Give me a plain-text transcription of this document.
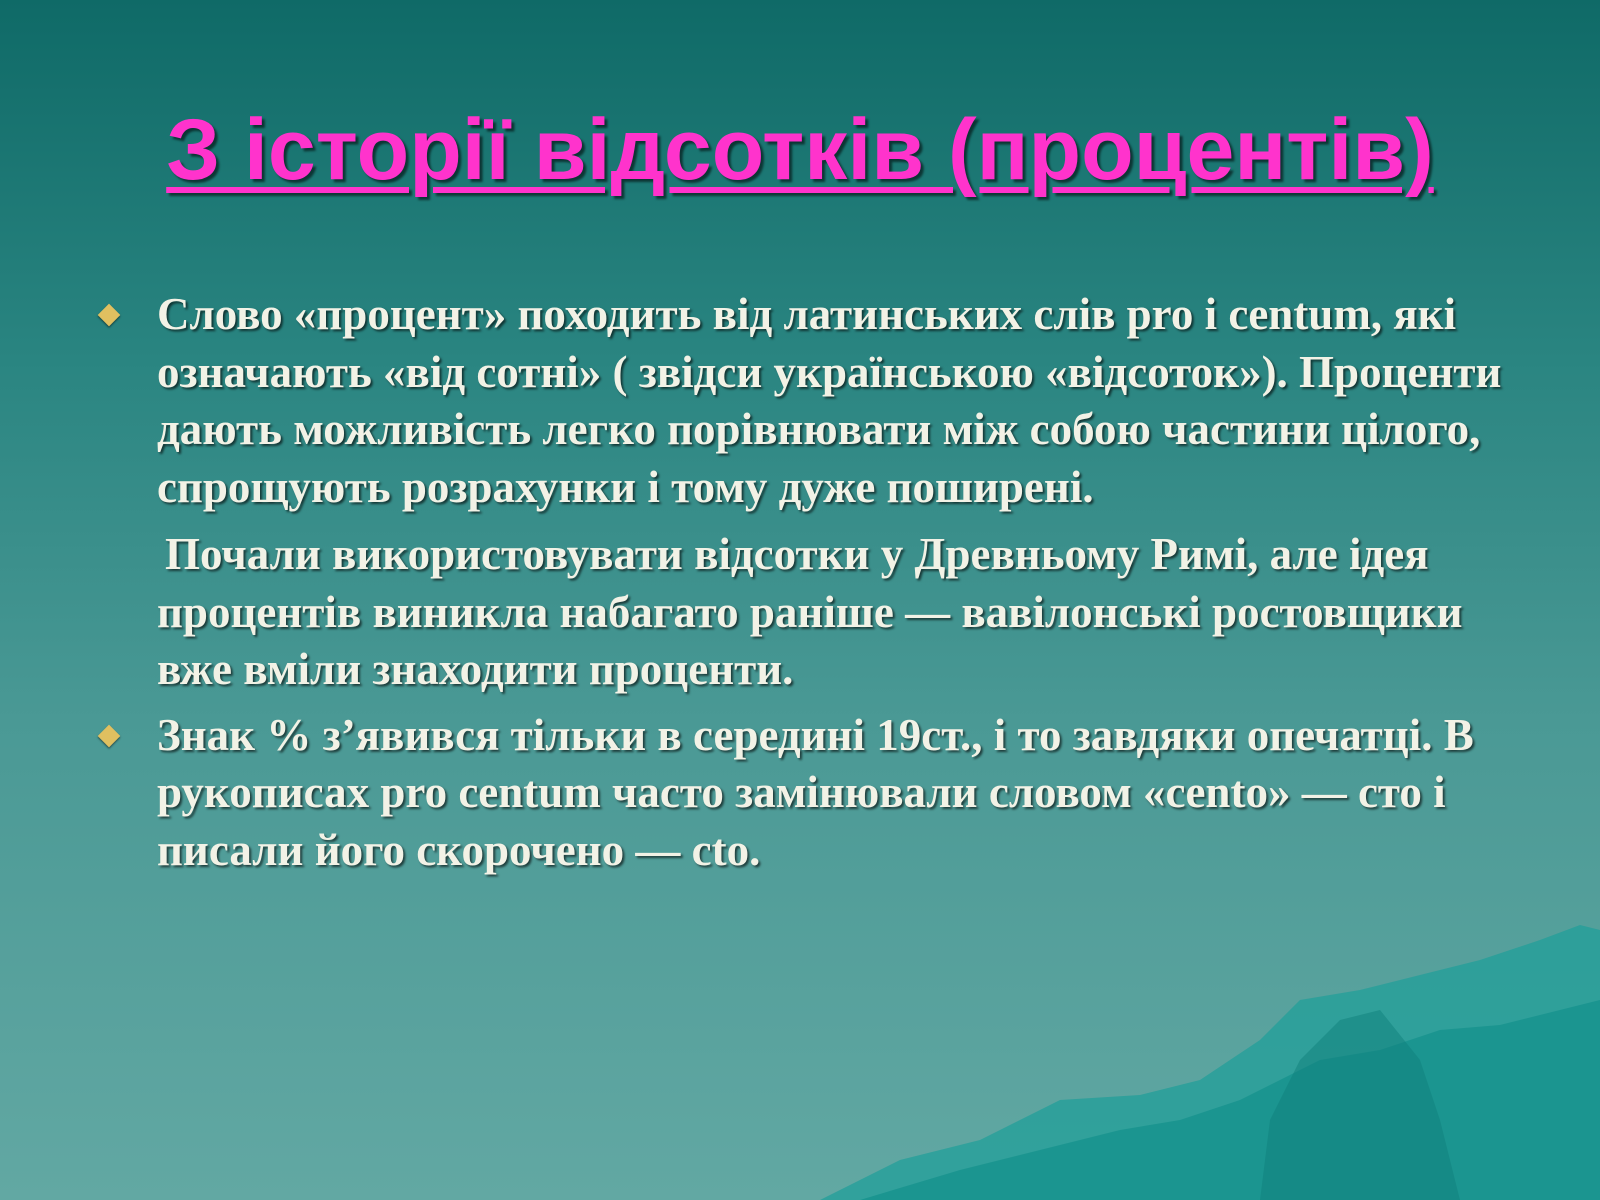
З історії відсотків (процентів)
Слово «процент» походить від латинських слів pro і centum, які означають «від сотні» ( звідси українською «відсоток»). Проценти дають можливість легко порівнювати між собою частини цілого, спрощують розрахунки і тому дуже поширені.
Почали використовувати відсотки у Древньому Римі, але ідея процентів виникла набагато раніше — вавілонські ростовщики вже вміли знаходити проценти.
Знак % з’явився тільки в середині 19ст., і то завдяки опечатці. В рукописах pro centum часто замінювали словом «cento» — сто і писали його скорочено — cto.
